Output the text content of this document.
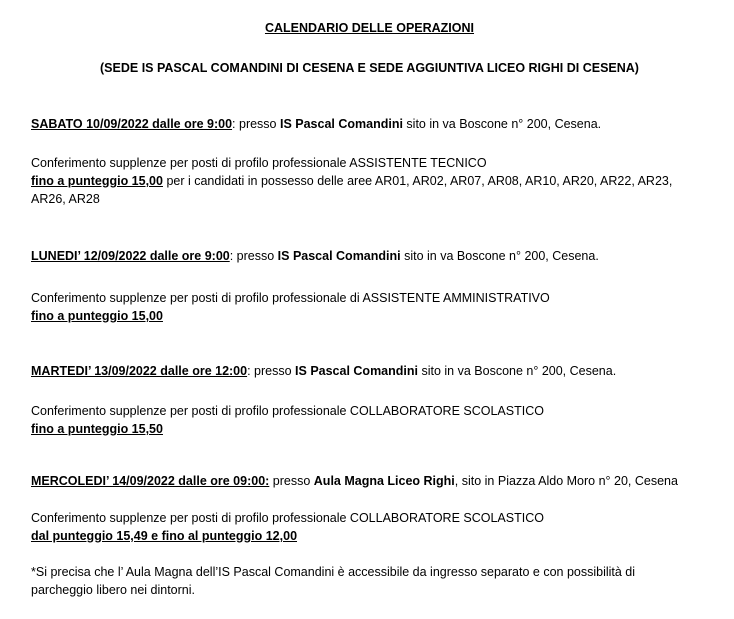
CALENDARIO DELLE OPERAZIONI
(SEDE IS PASCAL COMANDINI DI CESENA E SEDE AGGIUNTIVA LICEO RIGHI DI CESENA)
SABATO 10/09/2022 dalle ore 9:00: presso IS Pascal Comandini sito in va Boscone n° 200, Cesena.
Conferimento supplenze per posti di profilo professionale ASSISTENTE TECNICO
fino a punteggio 15,00 per i candidati in possesso delle aree AR01, AR02, AR07, AR08, AR10, AR20, AR22, AR23, AR26, AR28
LUNEDI’ 12/09/2022 dalle ore 9:00: presso IS Pascal Comandini sito in va Boscone n° 200, Cesena.
Conferimento supplenze per posti di profilo professionale di ASSISTENTE AMMINISTRATIVO
fino a punteggio 15,00
MARTEDI’ 13/09/2022 dalle ore 12:00: presso IS Pascal Comandini sito in va Boscone n° 200, Cesena.
Conferimento supplenze per posti di profilo professionale COLLABORATORE SCOLASTICO
fino a punteggio 15,50
MERCOLEDI’ 14/09/2022 dalle ore 09:00: presso Aula Magna Liceo Righi, sito in Piazza Aldo Moro n° 20, Cesena
Conferimento supplenze per posti di profilo professionale COLLABORATORE SCOLASTICO
dal punteggio 15,49 e fino al punteggio 12,00
*Si precisa che l’ Aula Magna dell’IS Pascal Comandini è accessibile da ingresso separato e con possibilità di parcheggio libero nei dintorni.
